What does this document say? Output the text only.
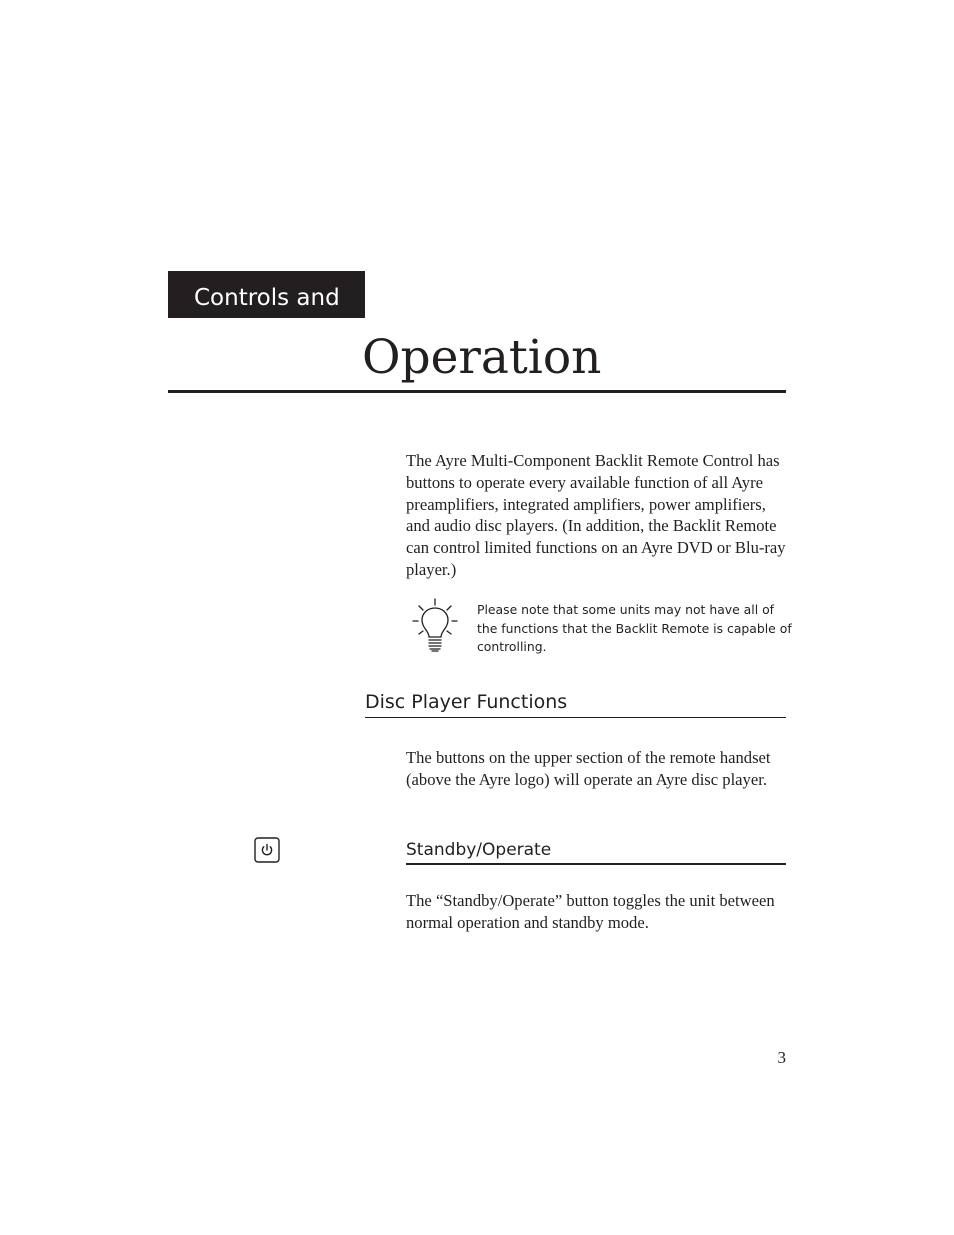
Controls and
Operation
The Ayre Multi-Component Backlit Remote Control has buttons to operate every available function of all Ayre preamplifiers, integrated amplifiers, power amplifiers, and audio disc players. (In addition, the Backlit Remote can control limited functions on an Ayre DVD or Blu-ray player.)
Please note that some units may not have all of the functions that the Backlit Remote is capable of controlling.
Disc Player Functions
The buttons on the upper section of the remote handset (above the Ayre logo) will operate an Ayre disc player.
Standby/Operate
The “Standby/Operate” button toggles the unit between normal operation and standby mode.
3
